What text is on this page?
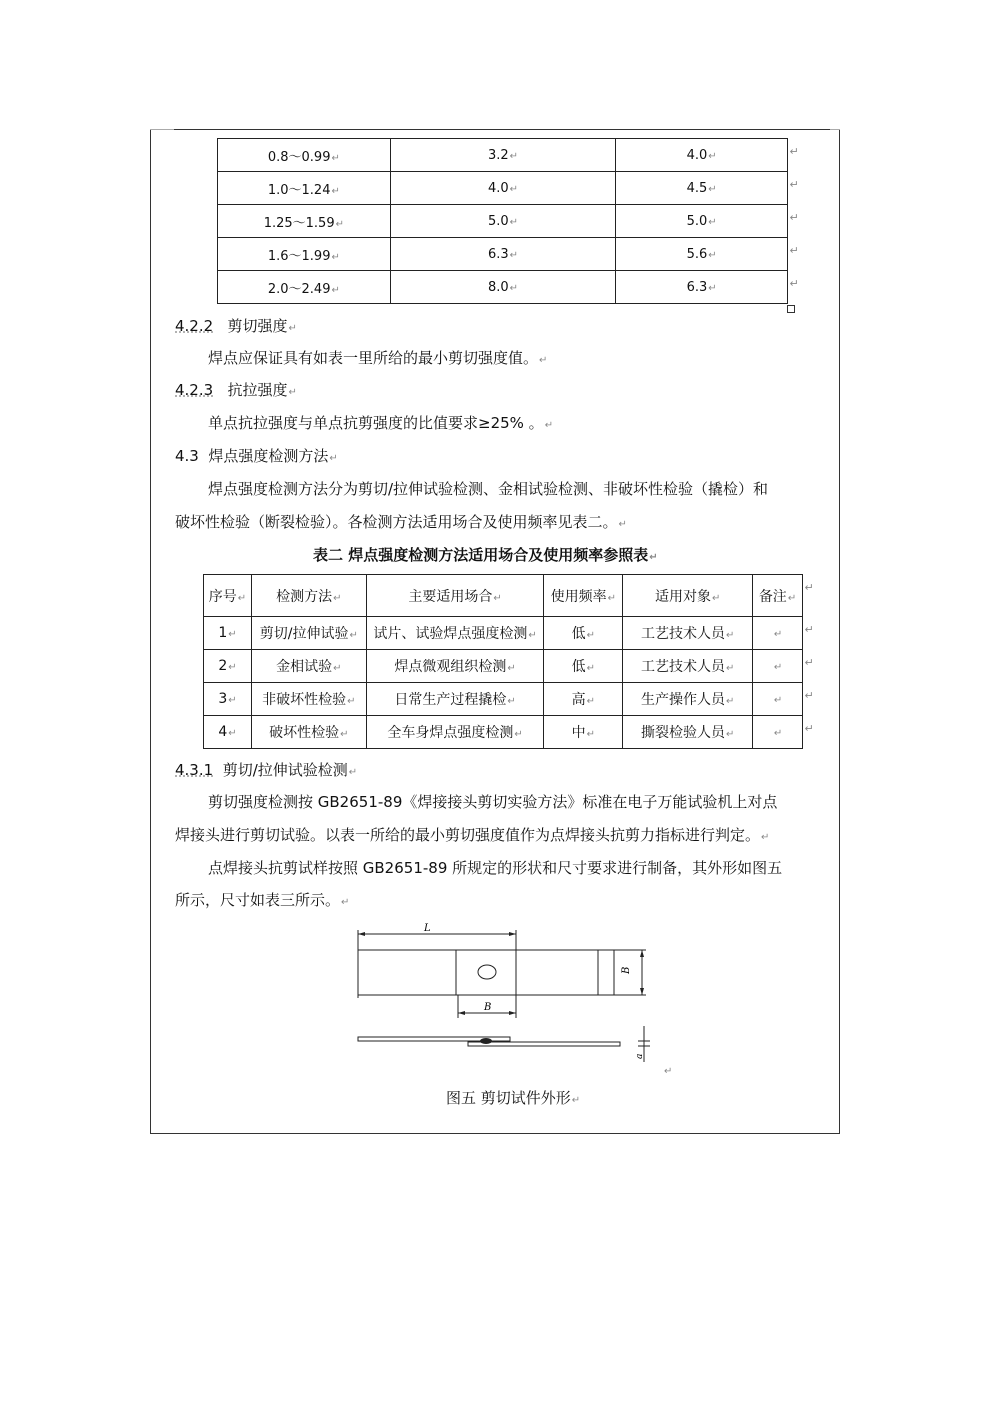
0.8～0.99↵	3.2↵	4.0↵
1.0～1.24↵	4.0↵	4.5↵
1.25～1.59↵	5.0↵	5.0↵
1.6～1.99↵	6.3↵	5.6↵
2.0～2.49↵	8.0↵	6.3↵
4.2.2 剪切强度↵
焊点应保证具有如表一里所给的最小剪切强度值。↵
4.2.3 抗拉强度↵
单点抗拉强度与单点抗剪强度的比值要求≥25% 。↵
4.3 焊点强度检测方法↵
焊点强度检测方法分为剪切/拉伸试验检测、金相试验检测、非破坏性检验（撬检）和
破坏性检验（断裂检验）。各检测方法适用场合及使用频率见表二。↵
表二 焊点强度检测方法适用场合及使用频率参照表↵
序号↵	检测方法↵	主要适用场合↵	使用频率↵	适用对象↵	备注↵
1↵	剪切/拉伸试验↵	试片、试验焊点强度检测↵	低↵	工艺技术人员↵	↵
2↵	金相试验↵	焊点微观组织检测↵	低↵	工艺技术人员↵	↵
3↵	非破坏性检验↵	日常生产过程撬检↵	高↵	生产操作人员↵	↵
4↵	破坏性检验↵	全车身焊点强度检测↵	中↵	撕裂检验人员↵	↵
4.3.1 剪切/拉伸试验检测↵
剪切强度检测按 GB2651-89《焊接接头剪切实验方法》标准在电子万能试验机上对点
焊接头进行剪切试验。以表一所给的最小剪切强度值作为点焊接头抗剪力指标进行判定。↵
点焊接头抗剪试样按照 GB2651-89 所规定的形状和尺寸要求进行制备，其外形如图五
所示，尺寸如表三所示。↵
L
B
B
a
↵
图五 剪切试件外形↵
↵
↵
↵
↵
↵
↵
↵
↵
↵
↵
